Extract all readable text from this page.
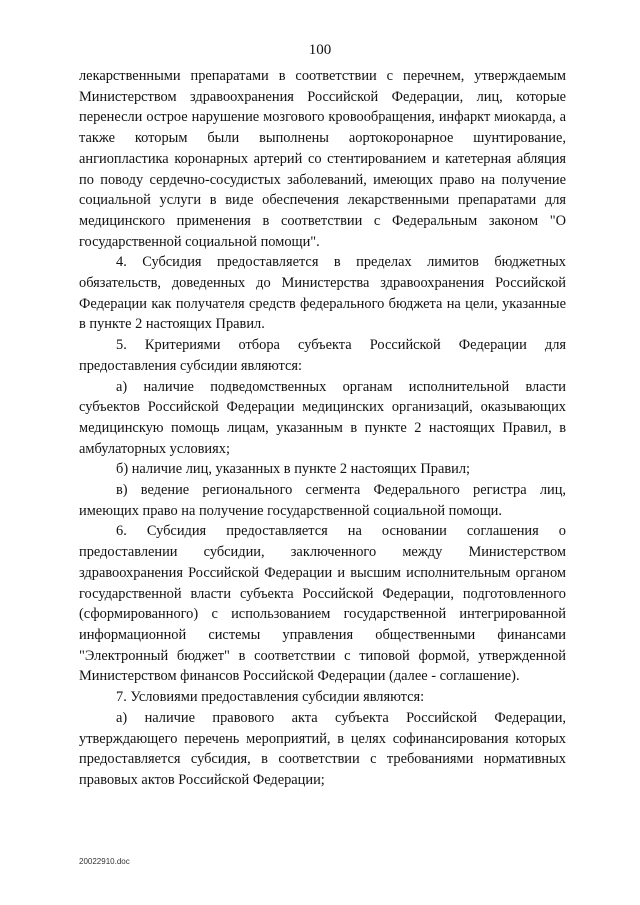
100

лекарственными препаратами в соответствии с перечнем, утверждаемым Министерством здравоохранения Российской Федерации, лиц, которые перенесли острое нарушение мозгового кровообращения, инфаркт миокарда, а также которым были выполнены аортокоронарное шунтирование, ангиопластика коронарных артерий со стентированием и катетерная абляция по поводу сердечно-сосудистых заболеваний, имеющих право на получение социальной услуги в виде обеспечения лекарственными препаратами для медицинского применения в соответствии с Федеральным законом "О государственной социальной помощи".

4. Субсидия предоставляется в пределах лимитов бюджетных обязательств, доведенных до Министерства здравоохранения Российской Федерации как получателя средств федерального бюджета на цели, указанные в пункте 2 настоящих Правил.

5. Критериями отбора субъекта Российской Федерации для предоставления субсидии являются:

а) наличие подведомственных органам исполнительной власти субъектов Российской Федерации медицинских организаций, оказывающих медицинскую помощь лицам, указанным в пункте 2 настоящих Правил, в амбулаторных условиях;

б) наличие лиц, указанных в пункте 2 настоящих Правил;

в) ведение регионального сегмента Федерального регистра лиц, имеющих право на получение государственной социальной помощи.

6. Субсидия предоставляется на основании соглашения о предоставлении субсидии, заключенного между Министерством здравоохранения Российской Федерации и высшим исполнительным органом государственной власти субъекта Российской Федерации, подготовленного (сформированного) с использованием государственной интегрированной информационной системы управления общественными финансами "Электронный бюджет" в соответствии с типовой формой, утвержденной Министерством финансов Российской Федерации (далее - соглашение).

7. Условиями предоставления субсидии являются:

а) наличие правового акта субъекта Российской Федерации, утверждающего перечень мероприятий, в целях софинансирования которых предоставляется субсидия, в соответствии с требованиями нормативных правовых актов Российской Федерации;

20022910.doc
